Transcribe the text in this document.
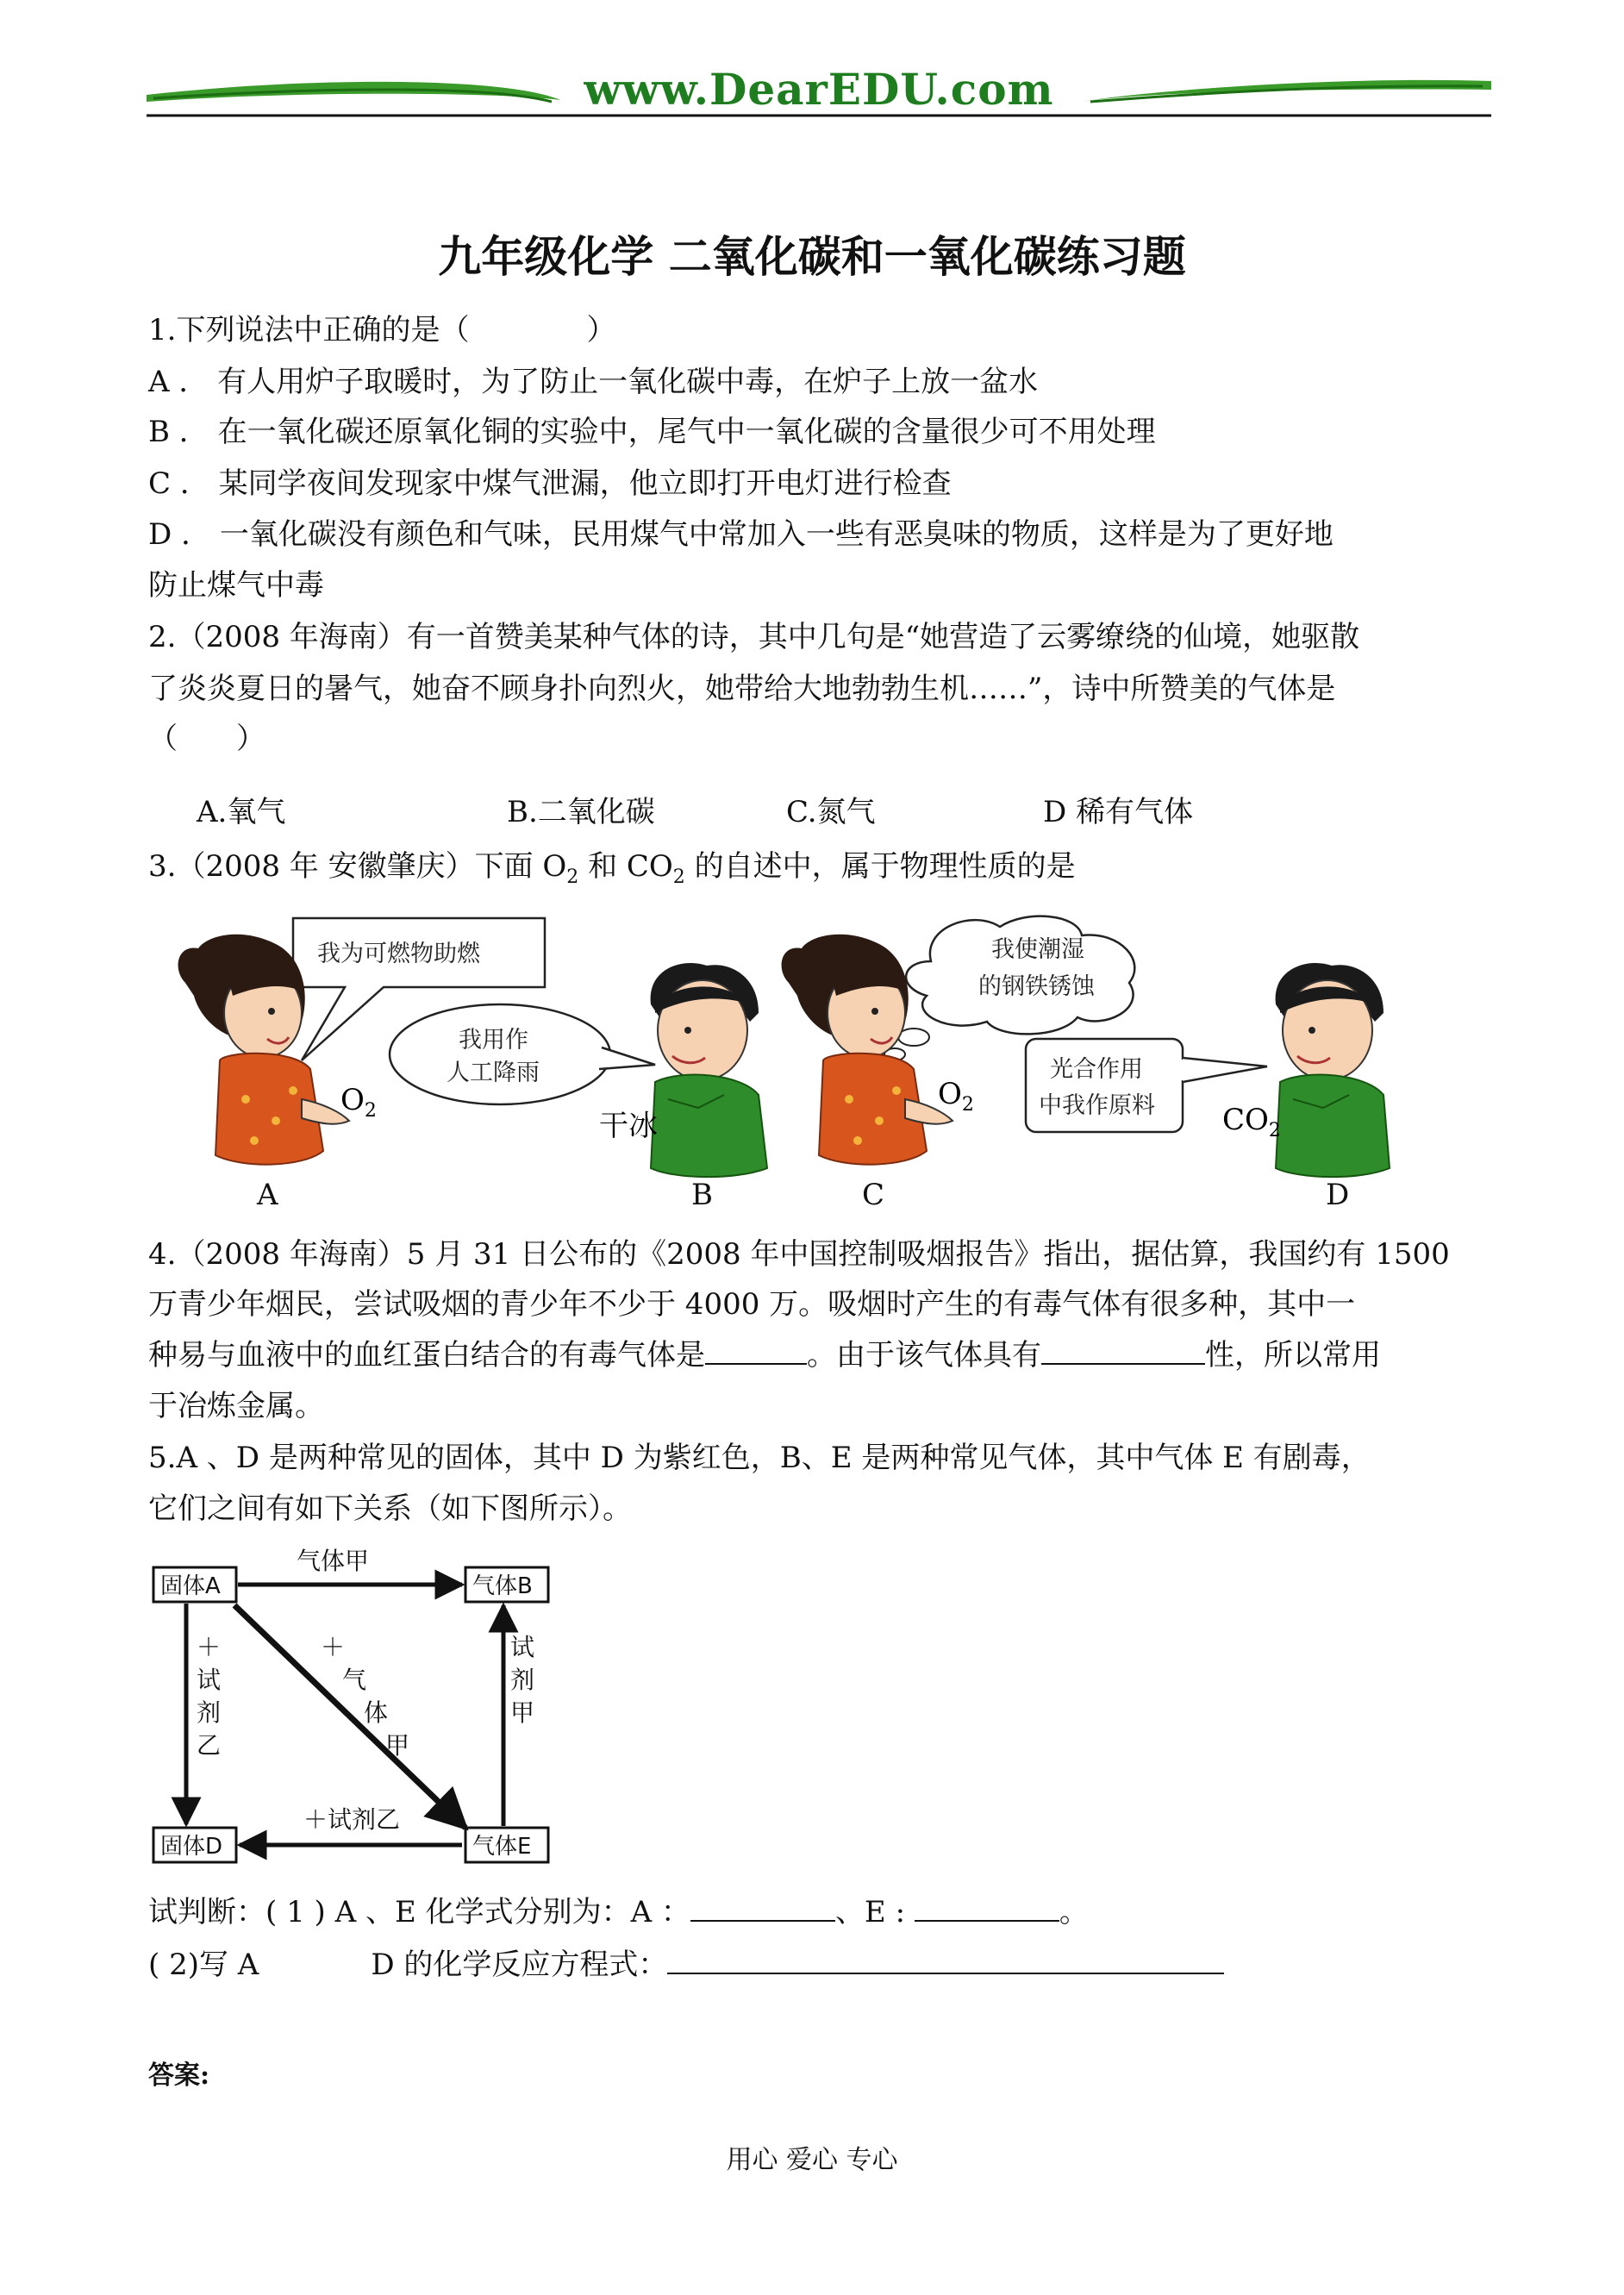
www.DearEDU.com
九年级化学 二氧化碳和一氧化碳练习题
1.下列说法中正确的是（　　　　）
A ． 有人用炉子取暖时，为了防止一氧化碳中毒，在炉子上放一盆水
B ． 在一氧化碳还原氧化铜的实验中，尾气中一氧化碳的含量很少可不用处理
C ． 某同学夜间发现家中煤气泄漏，他立即打开电灯进行检查
D ． 一氧化碳没有颜色和气味，民用煤气中常加入一些有恶臭味的物质，这样是为了更好地
防止煤气中毒
2.（2008 年海南）有一首赞美某种气体的诗，其中几句是“她营造了云雾缭绕的仙境，她驱散
了炎炎夏日的暑气，她奋不顾身扑向烈火，她带给大地勃勃生机……”，诗中所赞美的气体是
（　　）
A.氧气	B.二氧化碳	C.氮气	D 稀有气体
3.（2008 年 安徽肇庆）下面 $O_2$ 和 $CO_2$ 的自述中，属于物理性质的是
我为可燃物助燃
我用作
人工降雨
我使潮湿
的钢铁锈蚀
光合作用
中我作原料
$O_2$	干冰
$O_2$	$CO_2$
A	B	C	D
4.（2008 年海南）5 月 31 日公布的《2008 年中国控制吸烟报告》指出，据估算，我国约有 1500
万青少年烟民，尝试吸烟的青少年不少于 4000 万。吸烟时产生的有毒气体有很多种，其中一
种易与血液中的血红蛋白结合的有毒气体是	。由于该气体具有	性，所以常用
于冶炼金属。
5.A 、D 是两种常见的固体，其中 D 为紫红色，B、E 是两种常见气体，其中气体 E 有剧毒，
它们之间有如下关系（如下图所示）。
固体A	气体B
固体D	气体E
气体甲
＋
试
剂
乙
＋
气
体
甲
试
剂
甲
＋试剂乙
试判断：( 1 ) A 、E 化学式分别为：A ：	、E :	。
( 2)写 A	D 的化学反应方程式：
答案:
用心 爱心 专心
